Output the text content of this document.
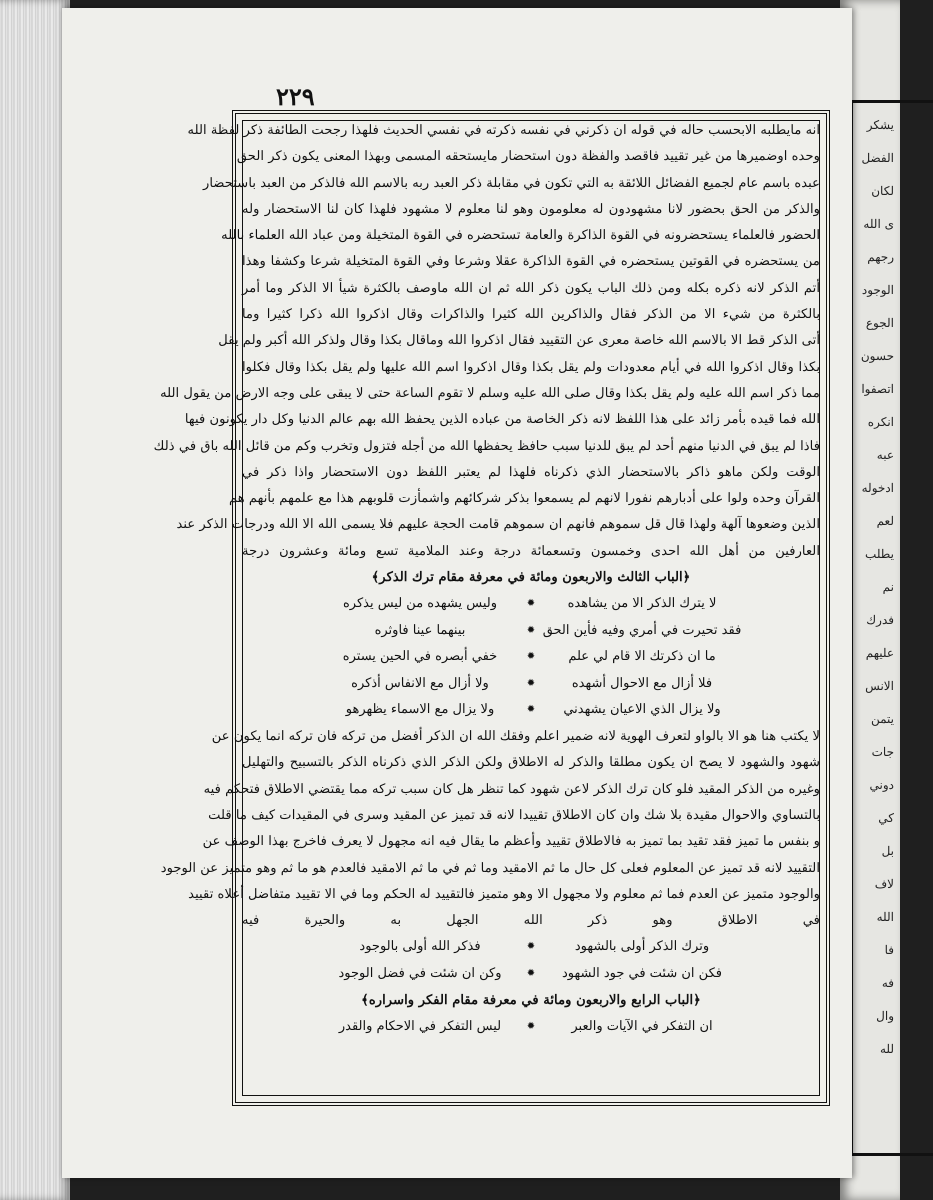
يشكر
الفضل
لكان
ى الله
رجهم
الوجود
الجوع
حسون
اتصفوا
انكره
عبه
ادخوله
لعم
يطلب
نم
فدرك
عليهم
الانس
يتمن
جات
دوني
كي
بل
لاف
الله
فا
فه
وال
لله
٢٢٩
انه مايطلبه الابحسب حاله في قوله ان ذكرني في نفسه ذكرته في نفسي الحديث فلهذا رجحت الطائفة ذكر لفظة الله
وحده اوضميرها من غير تقييد فاقصد والفظة دون استحضار مايستحقه المسمى وبهذا المعنى يكون ذكر الحق
عبده باسم عام لجميع الفضائل اللائقة به التي تكون في مقابلة ذكر العبد ربه بالاسم الله فالذكر من العبد باستحضار
والذكر من الحق بحضور لانا مشهودون له معلومون وهو لنا معلوم لا مشهود فلهذا كان لنا الاستحضار وله
الحضور فالعلماء يستحضرونه في القوة الذاكرة والعامة تستحضره في القوة المتخيلة ومن عباد الله العلماء بالله
من يستحضره في القوتين يستحضره في القوة الذاكرة عقلا وشرعا وفي القوة المتخيلة شرعا وكشفا وهذا
أتم الذكر لانه ذكره بكله ومن ذلك الباب يكون ذكر الله ثم ان الله ماوصف بالكثرة شيأ الا الذكر وما أمر
بالكثرة من شيء الا من الذكر فقال والذاكرين الله كثيرا والذاكرات وقال اذكروا الله ذكرا كثيرا وما
أتى الذكر قط الا بالاسم الله خاصة معرى عن التقييد فقال اذكروا الله وماقال بكذا وقال ولذكر الله أكبر ولم يقل
بكذا وقال اذكروا الله في أيام معدودات ولم يقل بكذا وقال اذكروا اسم الله عليها ولم يقل بكذا وقال فكلوا
مما ذكر اسم الله عليه ولم يقل بكذا وقال صلى الله عليه وسلم لا تقوم الساعة حتى لا يبقى على وجه الارض من يقول الله
الله فما قيده بأمر زائد على هذا اللفظ لانه ذكر الخاصة من عباده الذين يحفظ الله بهم عالم الدنيا وكل دار يكونون فيها
فاذا لم يبق في الدنيا منهم أحد لم يبق للدنيا سبب حافظ يحفظها الله من أجله فتزول وتخرب وكم من قائل الله باق في ذلك
الوقت ولكن ماهو ذاكر بالاستحضار الذي ذكرناه فلهذا لم يعتبر اللفظ دون الاستحضار واذا ذكر في
القرآن وحده ولوا على أدبارهم نفورا لانهم لم يسمعوا بذكر شركائهم واشمأزت قلوبهم هذا مع علمهم بأنهم هم
الذين وضعوها آلهة ولهذا قال قل سموهم فانهم ان سموهم قامت الحجة عليهم فلا يسمى الله الا الله ودرجات الذكر عند
العارفين من أهل الله احدى وخمسون وتسعمائة درجة وعند الملامية تسع ومائة وعشرون درجة
﴿الباب الثالث والاربعون ومائة في معرفة مقام ترك الذكر﴾
لا يترك الذكر الا من يشاهده
✹
وليس يشهده من ليس يذكره
فقد تحيرت في أمري وفيه فأين الحق
✹
بينهما عينا فاوثره
ما ان ذكرتك الا قام لي علم
✹
خفي أبصره في الحين يستره
فلا أزال مع الاحوال أشهده
✹
ولا أزال مع الانفاس أذكره
ولا يزال الذي الاعيان يشهدني
✹
ولا يزال مع الاسماء يظهرهو
لا يكتب هنا هو الا بالواو لتعرف الهوية لانه ضمير اعلم وفقك الله ان الذكر أفضل من تركه فان تركه انما يكون عن
شهود والشهود لا يصح ان يكون مطلقا والذكر له الاطلاق ولكن الذكر الذي ذكرناه الذكر بالتسبيح والتهليل
وغيره من الذكر المقيد فلو كان ترك الذكر لاعن شهود كما تنظر هل كان سبب تركه مما يقتضي الاطلاق فتحكم فيه
بالتساوي والاحوال مقيدة بلا شك وان كان الاطلاق تقييدا لانه قد تميز عن المقيد وسرى في المقيدات كيف ما قلت
و بنفس ما تميز فقد تقيد بما تميز به فالاطلاق تقييد وأعظم ما يقال فيه انه مجهول لا يعرف فاخرج بهذا الوصف عن
التقييد لانه قد تميز عن المعلوم فعلى كل حال ما ثم الامقيد وما ثم في ما ثم الامقيد فالعدم هو ما ثم وهو متميز عن الوجود
والوجود متميز عن العدم فما ثم معلوم ولا مجهول الا وهو متميز فالتقييد له الحكم وما في الا تقييد متفاضل أعلاه تقييد
في الاطلاق وهو ذكر الله الجهل به والحيرة فيه
وترك الذكر أولى بالشهود
✹
فذكر الله أولى بالوجود
فكن ان شئت في جود الشهود
✹
وكن ان شئت في فضل الوجود
﴿الباب الرابع والاربعون ومائة في معرفة مقام الفكر واسراره﴾
ان التفكر في الآيات والعبر
✹
ليس التفكر في الاحكام والقدر
